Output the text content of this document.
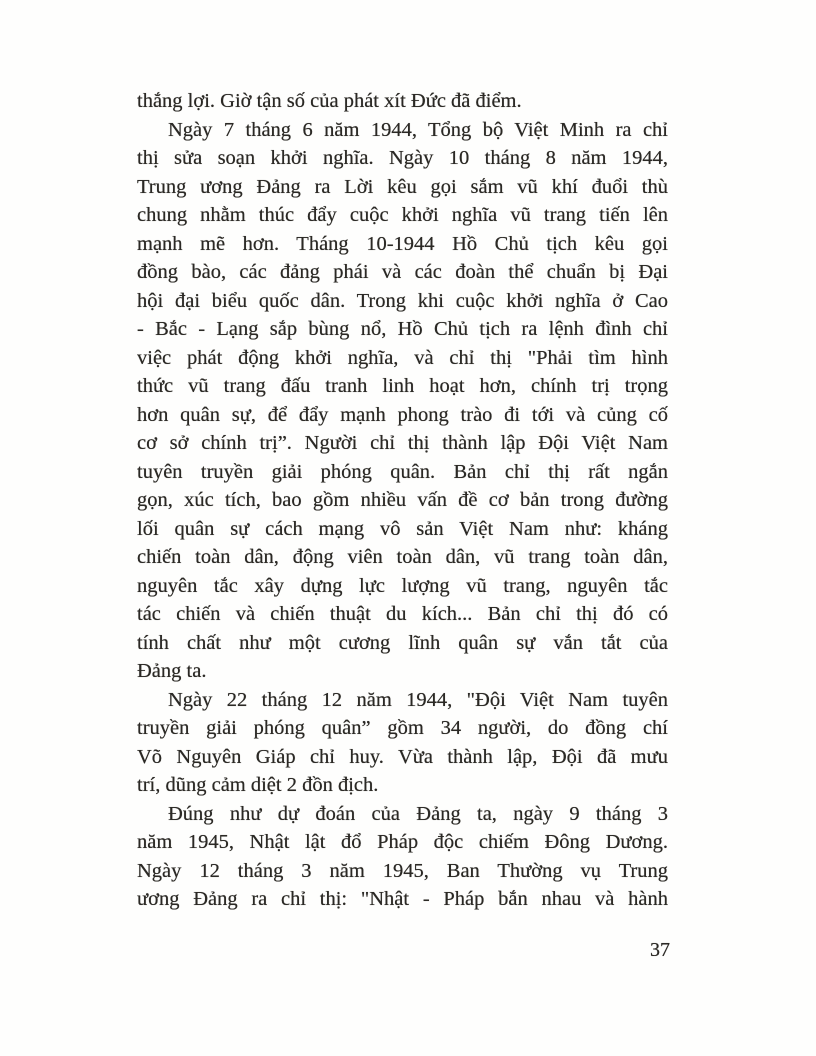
thắng lợi. Giờ tận số của phát xít Đức đã điểm.
Ngày 7 tháng 6 năm 1944, Tổng bộ Việt Minh ra chỉ
thị sửa soạn khởi nghĩa. Ngày 10 tháng 8 năm 1944,
Trung ương Đảng ra Lời kêu gọi sắm vũ khí đuổi thù
chung nhằm thúc đẩy cuộc khởi nghĩa vũ trang tiến lên
mạnh mẽ hơn. Tháng 10-1944 Hồ Chủ tịch kêu gọi
đồng bào, các đảng phái và các đoàn thể chuẩn bị Đại
hội đại biểu quốc dân. Trong khi cuộc khởi nghĩa ở Cao
- Bắc - Lạng sắp bùng nổ, Hồ Chủ tịch ra lệnh đình chỉ
việc phát động khởi nghĩa, và chỉ thị "Phải tìm hình
thức vũ trang đấu tranh linh hoạt hơn, chính trị trọng
hơn quân sự, để đẩy mạnh phong trào đi tới và củng cố
cơ sở chính trị”. Người chỉ thị thành lập Đội Việt Nam
tuyên truyền giải phóng quân. Bản chỉ thị rất ngắn
gọn, xúc tích, bao gồm nhiều vấn đề cơ bản trong đường
lối quân sự cách mạng vô sản Việt Nam như: kháng
chiến toàn dân, động viên toàn dân, vũ trang toàn dân,
nguyên tắc xây dựng lực lượng vũ trang, nguyên tắc
tác chiến và chiến thuật du kích... Bản chỉ thị đó có
tính chất như một cương lĩnh quân sự vắn tắt của
Đảng ta.
Ngày 22 tháng 12 năm 1944, "Đội Việt Nam tuyên
truyền giải phóng quân” gồm 34 người, do đồng chí
Võ Nguyên Giáp chỉ huy. Vừa thành lập, Đội đã mưu
trí, dũng cảm diệt 2 đồn địch.
Đúng như dự đoán của Đảng ta, ngày 9 tháng 3
năm 1945, Nhật lật đổ Pháp độc chiếm Đông Dương.
Ngày 12 tháng 3 năm 1945, Ban Thường vụ Trung
ương Đảng ra chỉ thị: "Nhật - Pháp bắn nhau và hành
37
